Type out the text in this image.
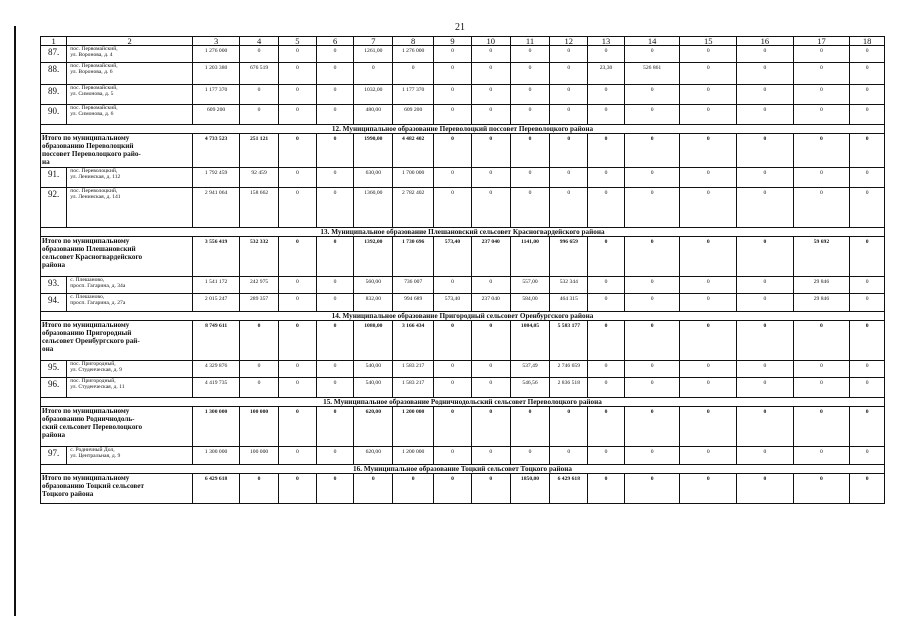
21
1	2	3	4	5	6	7	8	9	10	11	12	13	14	15	16	17	18
87.	пос. Первомайский,
ул. Воронова, д. 4	1 276 000	0	0	0	1261,00	1 276 000	0	0	0	0	0	0	0	0	0	0
88.	пос. Первомайский,
ул. Воронова, д. 6	1 203 380	676 519	0	0	0	0	0	0	0	0	23,30	526 861	0	0	0	0
89.	пос. Первомайский,
ул. Симонова, д. 5	1 177 370	0	0	0	1032,00	1 177 370	0	0	0	0	0	0	0	0	0	0
90.	пос. Первомайский,
ул. Симонова, д. 6	609 200	0	0	0	480,00	609 200	0	0	0	0	0	0	0	0	0	0
12. Муниципальное образование Переволоцкий поссовет Переволоцкого района																	

Итого по муниципальному
образованию Переволоцкий
поссовет Переволоцкого райо-
на		4 733 523	251 121	0	0	1990,00	4 482 402	0	0	0	0	0	0	0	0	0	0
91.	пос. Переволоцкий,
ул. Ленинская, д. 112	1 792 459	92 459	0	0	630,00	1 700 000	0	0	0	0	0	0	0	0	0	0
92.	пос. Переволоцкий,
ул. Ленинская, д. 141	2 941 064	158 662	0	0	1360,00	2 782 402	0	0	0	0	0	0	0	0	0	0
13. Муниципальное образование Плешановский сельсовет Красногвардейского района																	

Итого по муниципальному
образованию Плешановский
сельсовет Красногвардейского
района		3 556 419	532 332	0	0	1392,00	1 730 696	573,40	237 040	1141,00	996 659	0	0	0	0	59 692	0
93.	с. Плешаново,
просп. Гагарина, д. 34а	1 541 172	242 975	0	0	560,00	736 007	0	0	557,00	532 344	0	0	0	0	29 846	0
94.	с. Плешаново,
просп. Гагарина, д. 27а	2 015 247	289 357	0	0	832,00	994 689	573,40	237 040	584,00	464 315	0	0	0	0	29 846	0
14. Муниципальное образование Пригородный сельсовет Оренбургского района																	

Итого по муниципальному
образованию Пригородный
сельсовет Оренбургского рай-
она		8 749 611	0	0	0	1080,00	3 166 434	0	0	1084,05	5 583 177	0	0	0	0	0	0
95.	пос. Пригородный,
ул. Студенческая, д. 9	4 329 876	0	0	0	540,00	1 583 217	0	0	537,49	2 746 659	0	0	0	0	0	0
96.	пос. Пригородный,
ул. Студенческая, д. 11	4 419 735	0	0	0	540,00	1 583 217	0	0	546,56	2 836 518	0	0	0	0	0	0
15. Муниципальное образование Родничнодольский сельсовет Переволоцкого района																	

Итого по муниципальному
образованию Родничнодоль-
ский сельсовет Переволоцкого
района		1 300 000	100 000	0	0	620,00	1 200 000	0	0	0	0	0	0	0	0	0	0
97.	с. Родничный Дол,
ул. Центральная, д. 9	1 300 000	100 000	0	0	620,00	1 200 000	0	0	0	0	0	0	0	0	0	0
16. Муниципальное образование Тоцкий сельсовет Тоцкого района																	

Итого по муниципальному
образованию Тоцкий сельсовет
Тоцкого района		6 429 618	0	0	0	0	0	0	0	1850,00	6 429 618	0	0	0	0	0	0
